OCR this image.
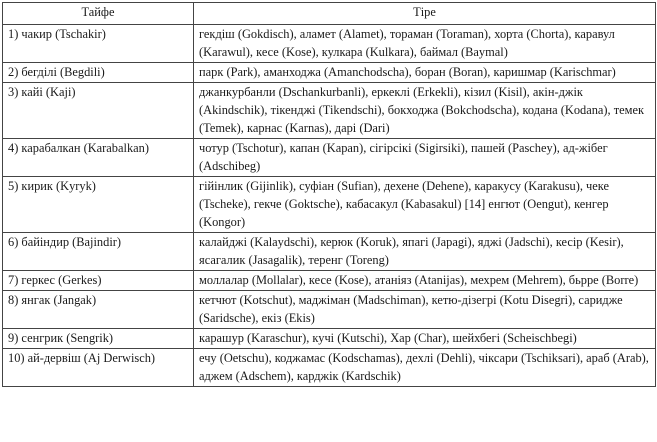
Тайфе	Тіре
1) чакир (Tschakir)	гекдіш (Gokdisch), аламет (Alamet), тораман (Toraman), хорта (Chorta), каравул (Karawul), кесе (Kose), кулкара (Kulkara), баймал (Baymal)
2) бегділі (Begdili)	парк (Park), аманходжа (Amanchodscha), боран (Boran), каришмар (Karischmar)
3) кайі (Kaji)	джанкурбанли (Dschankurbanli), еркеклі (Erkekli), кізил (Kisil), акін-джік (Akindschik), тікенджі (Tikendschi), бокходжа (Bokchodscha), кодана (Kodana), темек (Temek), карнас (Karnas), дарі (Dari)
4) карабалкан (Karabalkan)	чотур (Tschotur), капан (Kapan), сігірсікі (Sigirsiki), пашей (Paschey), ад-жібег (Adschibeg)
5) кирик (Kyryk)	гійінлик (Gijinlik), суфіан (Sufian), дехене (Dehene), каракусу (Karakusu), чеке (Tscheke), гекче (Goktsche), кабасакул (Kabasakul) [14] енгют (Oengut), кенгер (Kongor)
6) байіндир (Bajindir)	калайджі (Kalaydschi), керюк (Koruk), япагі (Japagi), яджі (Jadschi), кесір (Kesir), ясагалик (Jasagalik), теренг (Toreng)
7) геркес (Gerkes)	моллалар (Mollalar), кесе (Kose), атаніяз (Atanijas), мехрем (Mehrem), бьрре (Borre)
8) янгак (Jangak)	кетчют (Kotschut), маджіман (Madschiman), кетю-дізегрі (Kotu Disegri), саридже (Saridsche), екіз (Ekis)
9) сенгрик (Sengrik)	карашур (Karaschur), кучі (Kutschi), Хар (Char), шейхбегі (Scheischbegi)
10) ай-дервіш (Aj Derwisch)	ечу (Oetschu), коджамас (Kodschamas), дехлі (Dehli), чіксари (Tschiksari), араб (Arab), аджем (Adschem), карджік (Kardschik)
